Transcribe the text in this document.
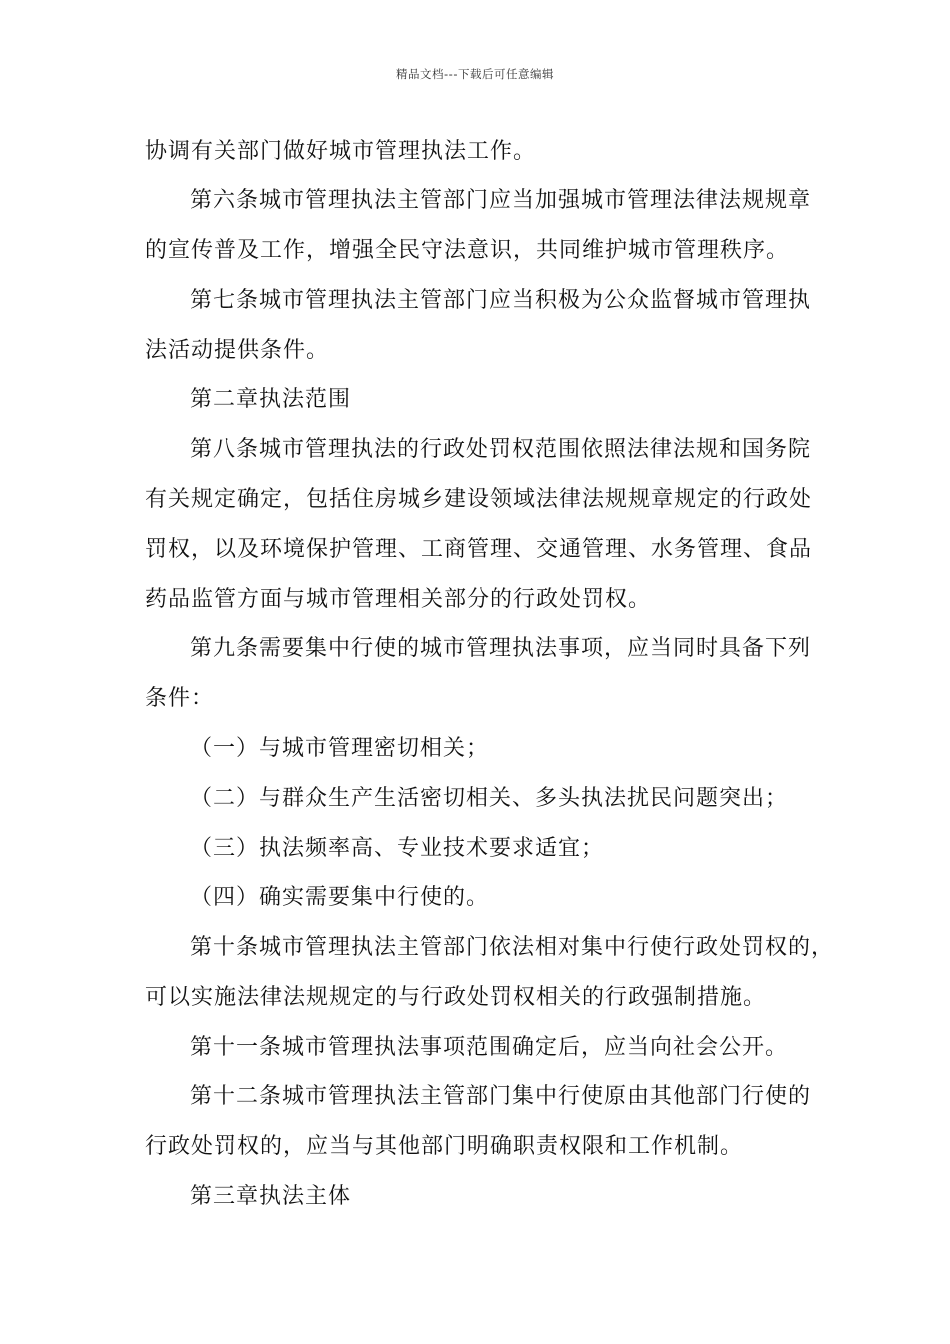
精品文档---下载后可任意编辑
协调有关部门做好城市管理执法工作。
第六条城市管理执法主管部门应当加强城市管理法律法规规章
的宣传普及工作，增强全民守法意识，共同维护城市管理秩序。
第七条城市管理执法主管部门应当积极为公众监督城市管理执
法活动提供条件。
第二章执法范围
第八条城市管理执法的行政处罚权范围依照法律法规和国务院
有关规定确定，包括住房城乡建设领域法律法规规章规定的行政处
罚权，以及环境保护管理、工商管理、交通管理、水务管理、食品
药品监管方面与城市管理相关部分的行政处罚权。
第九条需要集中行使的城市管理执法事项，应当同时具备下列
条件：
（一）与城市管理密切相关；
（二）与群众生产生活密切相关、多头执法扰民问题突出；
（三）执法频率高、专业技术要求适宜；
（四）确实需要集中行使的。
第十条城市管理执法主管部门依法相对集中行使行政处罚权的，
可以实施法律法规规定的与行政处罚权相关的行政强制措施。
第十一条城市管理执法事项范围确定后，应当向社会公开。
第十二条城市管理执法主管部门集中行使原由其他部门行使的
行政处罚权的，应当与其他部门明确职责权限和工作机制。
第三章执法主体
